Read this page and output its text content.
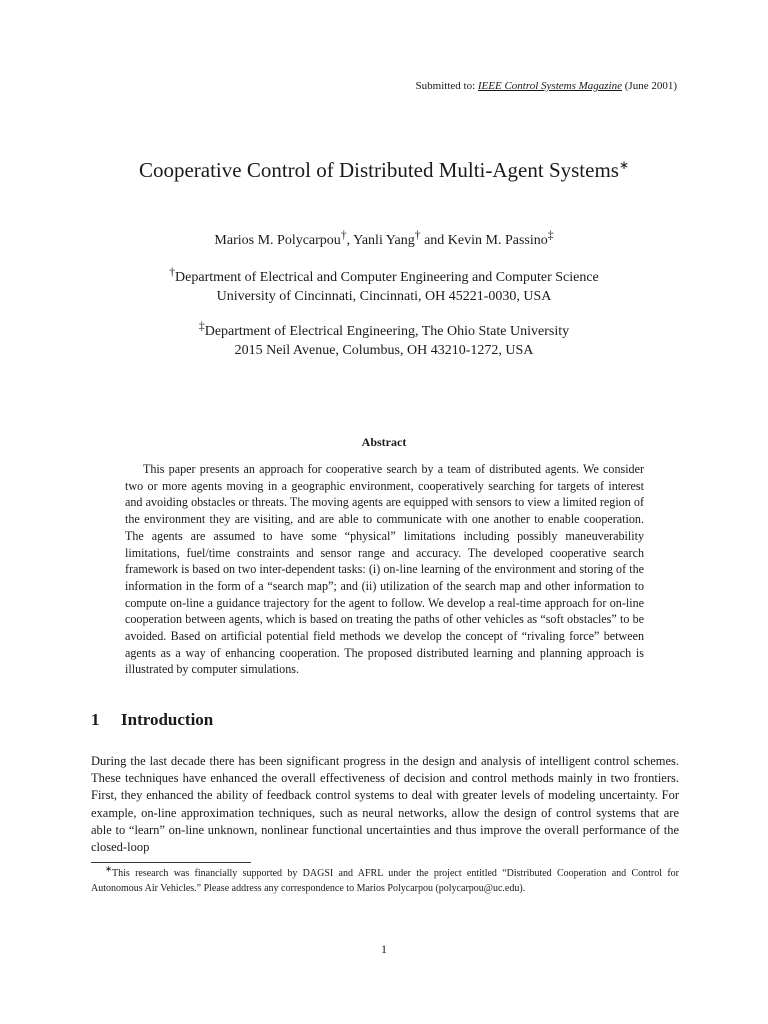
Submitted to: IEEE Control Systems Magazine (June 2001)
Cooperative Control of Distributed Multi-Agent Systems∗
Marios M. Polycarpou†, Yanli Yang† and Kevin M. Passino‡
†Department of Electrical and Computer Engineering and Computer Science
University of Cincinnati, Cincinnati, OH 45221-0030, USA
‡Department of Electrical Engineering, The Ohio State University
2015 Neil Avenue, Columbus, OH 43210-1272, USA
Abstract
This paper presents an approach for cooperative search by a team of distributed agents. We consider two or more agents moving in a geographic environment, cooperatively searching for targets of interest and avoiding obstacles or threats. The moving agents are equipped with sensors to view a limited region of the environment they are visiting, and are able to communicate with one another to enable cooperation. The agents are assumed to have some “physical” limitations including possibly maneuverability limitations, fuel/time constraints and sensor range and accuracy. The developed cooperative search framework is based on two inter-dependent tasks: (i) on-line learning of the environment and storing of the information in the form of a “search map”; and (ii) utilization of the search map and other information to compute on-line a guidance trajectory for the agent to follow. We develop a real-time approach for on-line cooperation between agents, which is based on treating the paths of other vehicles as “soft obstacles” to be avoided. Based on artificial potential field methods we develop the concept of “rivaling force” between agents as a way of enhancing cooperation. The proposed distributed learning and planning approach is illustrated by computer simulations.
1 Introduction
During the last decade there has been significant progress in the design and analysis of intelligent control schemes. These techniques have enhanced the overall effectiveness of decision and control methods mainly in two frontiers. First, they enhanced the ability of feedback control systems to deal with greater levels of modeling uncertainty. For example, on-line approximation techniques, such as neural networks, allow the design of control systems that are able to “learn” on-line unknown, nonlinear functional uncertainties and thus improve the overall performance of the closed-loop
∗This research was financially supported by DAGSI and AFRL under the project entitled “Distributed Cooperation and Control for Autonomous Air Vehicles.” Please address any correspondence to Marios Polycarpou (polycarpou@uc.edu).
1
